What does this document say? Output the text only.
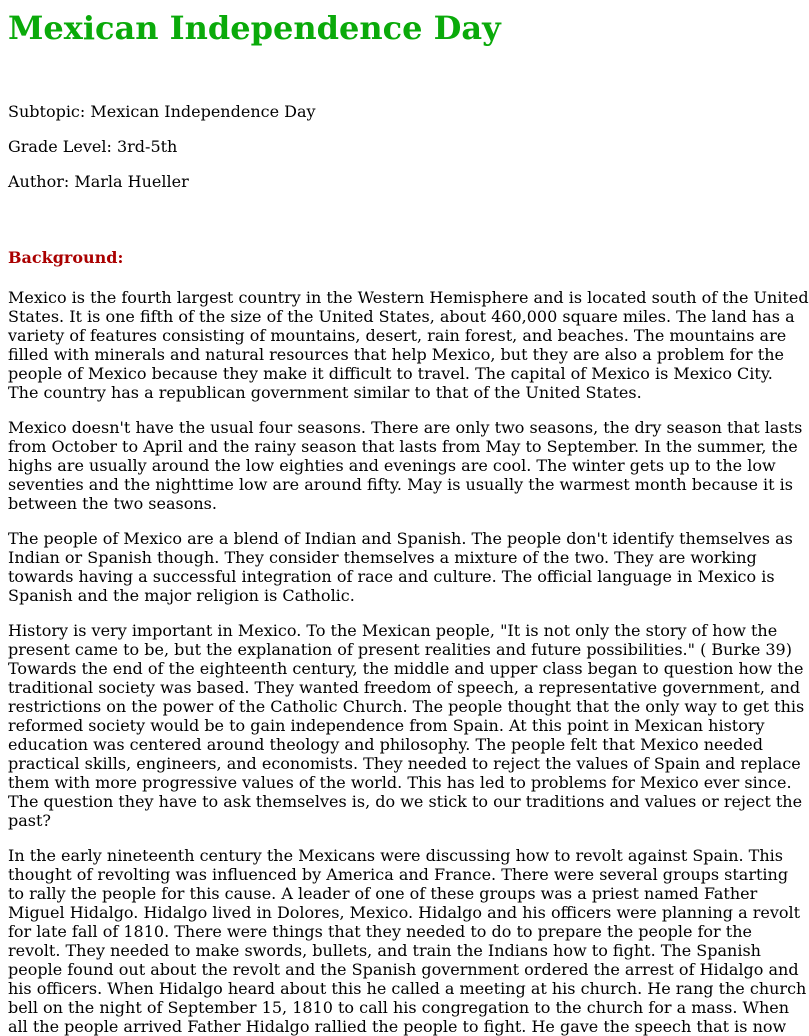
Mexican Independence Day

Subtopic: Mexican Independence Day

Grade Level: 3rd-5th

Author: Marla Hueller

Background:
Mexico is the fourth largest country in the Western Hemisphere and is located south of the United
States. It is one fifth of the size of the United States, about 460,000 square miles. The land has a
variety of features consisting of mountains, desert, rain forest, and beaches. The mountains are
filled with minerals and natural resources that help Mexico, but they are also a problem for the
people of Mexico because they make it difficult to travel. The capital of Mexico is Mexico City.
The country has a republican government similar to that of the United States.
Mexico doesn't have the usual four seasons. There are only two seasons, the dry season that lasts
from October to April and the rainy season that lasts from May to September. In the summer, the
highs are usually around the low eighties and evenings are cool. The winter gets up to the low
seventies and the nighttime low are around fifty. May is usually the warmest month because it is
between the two seasons.
The people of Mexico are a blend of Indian and Spanish. The people don't identify themselves as
Indian or Spanish though. They consider themselves a mixture of the two. They are working
towards having a successful integration of race and culture. The official language in Mexico is
Spanish and the major religion is Catholic.
History is very important in Mexico. To the Mexican people, "It is not only the story of how the
present came to be, but the explanation of present realities and future possibilities." ( Burke 39)
Towards the end of the eighteenth century, the middle and upper class began to question how the
traditional society was based. They wanted freedom of speech, a representative government, and
restrictions on the power of the Catholic Church. The people thought that the only way to get this
reformed society would be to gain independence from Spain. At this point in Mexican history
education was centered around theology and philosophy. The people felt that Mexico needed
practical skills, engineers, and economists. They needed to reject the values of Spain and replace
them with more progressive values of the world. This has led to problems for Mexico ever since.
The question they have to ask themselves is, do we stick to our traditions and values or reject the
past?
In the early nineteenth century the Mexicans were discussing how to revolt against Spain. This
thought of revolting was influenced by America and France. There were several groups starting
to rally the people for this cause. A leader of one of these groups was a priest named Father
Miguel Hidalgo. Hidalgo lived in Dolores, Mexico. Hidalgo and his officers were planning a revolt
for late fall of 1810. There were things that they needed to do to prepare the people for the
revolt. They needed to make swords, bullets, and train the Indians how to fight. The Spanish
people found out about the revolt and the Spanish government ordered the arrest of Hidalgo and
his officers. When Hidalgo heard about this he called a meeting at his church. He rang the church
bell on the night of September 15, 1810 to call his congregation to the church for a mass. When
all the people arrived Father Hidalgo rallied the people to fight. He gave the speech that is now
